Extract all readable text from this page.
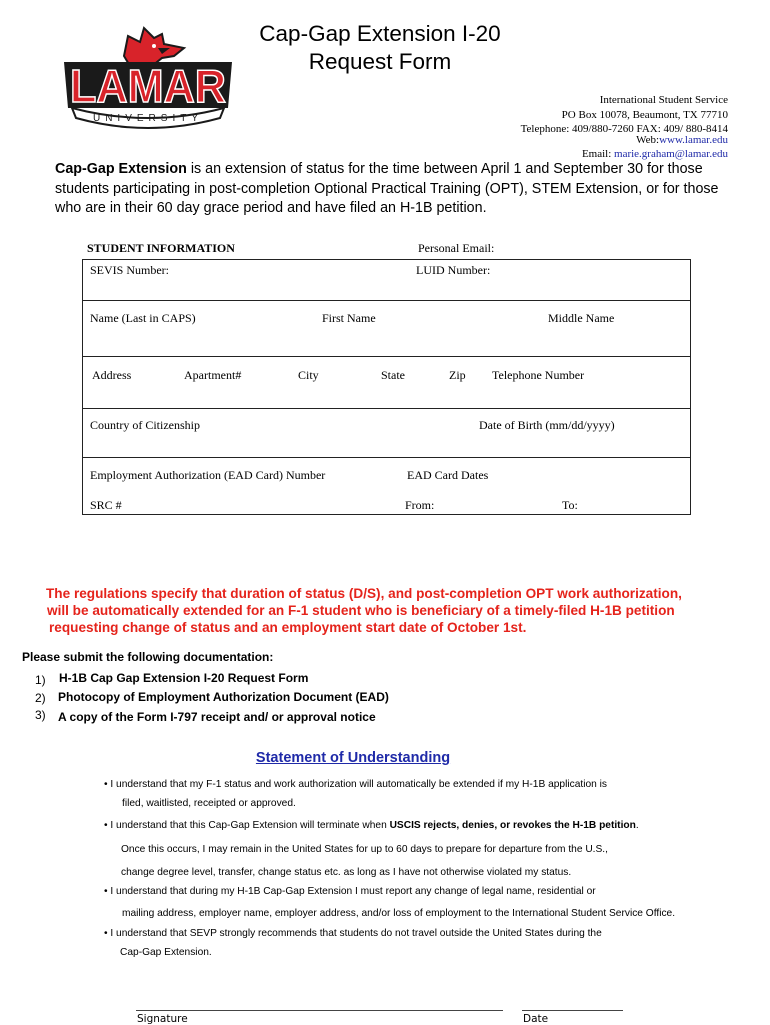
LAMAR
UNIVERSITY
Cap-Gap Extension I-20
Request Form
International Student Service
PO Box 10078, Beaumont, TX 77710
Telephone: 409/880-7260 FAX: 409/ 880-8414
Web:www.lamar.edu
Email: marie.graham@lamar.edu
Cap-Gap Extension is an extension of status for the time between April 1 and September 30 for those students participating in post-completion Optional Practical Training (OPT), STEM Extension, or for those who are in their 60 day grace period and have filed an H-1B petition.
STUDENT INFORMATION	Personal Email:
SEVIS Number:	LUID Number:
Name (Last in CAPS)	First Name	Middle Name
Address	Apartment#	City	State	Zip Telephone Number
Country of Citizenship	Date of Birth (mm/dd/yyyy)
Employment Authorization (EAD Card) Number	EAD Card Dates
SRC #	From:	To:
The regulations specify that duration of status (D/S), and post-completion OPT work authorization,
will be automatically extended for an F-1 student who is beneficiary of a timely-filed H-1B petition
requesting change of status and an employment start date of October 1st.
Please submit the following documentation:
1) H-1B Cap Gap Extension I-20 Request Form
2) Photocopy of Employment Authorization Document (EAD)
3) A copy of the Form I-797 receipt and/ or approval notice
Statement of Understanding
• I understand that my F-1 status and work authorization will automatically be extended if my H-1B application is
filed, waitlisted, receipted or approved.
• I understand that this Cap-Gap Extension will terminate when USCIS rejects, denies, or revokes the H-1B petition.
Once this occurs, I may remain in the United States for up to 60 days to prepare for departure from the U.S.,
change degree level, transfer, change status etc. as long as I have not otherwise violated my status.
• I understand that during my H-1B Cap-Gap Extension I must report any change of legal name, residential or
mailing address, employer name, employer address, and/or loss of employment to the International Student Service Office.
• I understand that SEVP strongly recommends that students do not travel outside the United States during the
Cap-Gap Extension.
Signature	Date
